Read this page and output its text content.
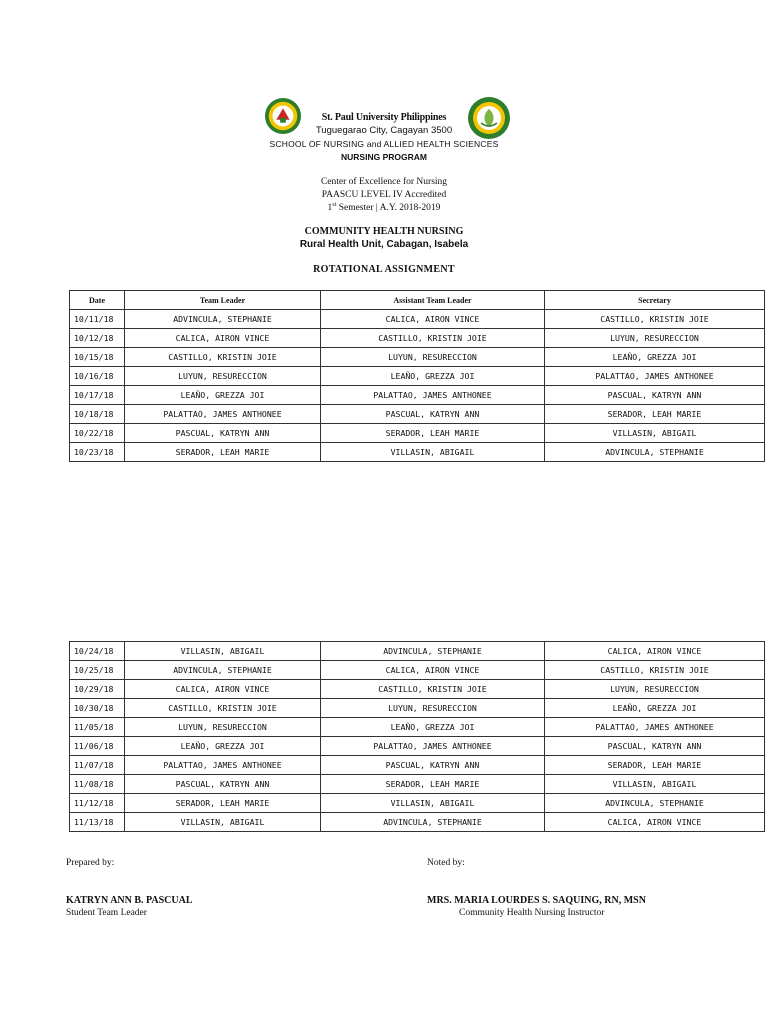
St. Paul University Philippines
Tuguegarao City, Cagayan 3500
SCHOOL OF NURSING and ALLIED HEALTH SCIENCES
NURSING PROGRAM
Center of Excellence for Nursing
PAASCU LEVEL IV Accredited
1st Semester | A.Y. 2018-2019
COMMUNITY HEALTH NURSING
Rural Health Unit, Cabagan, Isabela
ROTATIONAL ASSIGNMENT
Date	Team Leader	Assistant Team Leader	Secretary
10/11/18	ADVINCULA, STEPHANIE	CALICA, AIRON VINCE	CASTILLO, KRISTIN JOIE
10/12/18	CALICA, AIRON VINCE	CASTILLO, KRISTIN JOIE	LUYUN, RESURECCION
10/15/18	CASTILLO, KRISTIN JOIE	LUYUN, RESURECCION	LEAÑO, GREZZA JOI
10/16/18	LUYUN, RESURECCION	LEAÑO, GREZZA JOI	PALATTAO, JAMES ANTHONEE
10/17/18	LEAÑO, GREZZA JOI	PALATTAO, JAMES ANTHONEE	PASCUAL, KATRYN ANN
10/18/18	PALATTAO, JAMES ANTHONEE	PASCUAL, KATRYN ANN	SERADOR, LEAH MARIE
10/22/18	PASCUAL, KATRYN ANN	SERADOR, LEAH MARIE	VILLASIN, ABIGAIL
10/23/18	SERADOR, LEAH MARIE	VILLASIN, ABIGAIL	ADVINCULA, STEPHANIE
10/24/18	VILLASIN, ABIGAIL	ADVINCULA, STEPHANIE	CALICA, AIRON VINCE
10/25/18	ADVINCULA, STEPHANIE	CALICA, AIRON VINCE	CASTILLO, KRISTIN JOIE
10/29/18	CALICA, AIRON VINCE	CASTILLO, KRISTIN JOIE	LUYUN, RESURECCION
10/30/18	CASTILLO, KRISTIN JOIE	LUYUN, RESURECCION	LEAÑO, GREZZA JOI
11/05/18	LUYUN, RESURECCION	LEAÑO, GREZZA JOI	PALATTAO, JAMES ANTHONEE
11/06/18	LEAÑO, GREZZA JOI	PALATTAO, JAMES ANTHONEE	PASCUAL, KATRYN ANN
11/07/18	PALATTAO, JAMES ANTHONEE	PASCUAL, KATRYN ANN	SERADOR, LEAH MARIE
11/08/18	PASCUAL, KATRYN ANN	SERADOR, LEAH MARIE	VILLASIN, ABIGAIL
11/12/18	SERADOR, LEAH MARIE	VILLASIN, ABIGAIL	ADVINCULA, STEPHANIE
11/13/18	VILLASIN, ABIGAIL	ADVINCULA, STEPHANIE	CALICA, AIRON VINCE
Prepared by:
KATRYN ANN B. PASCUAL
Student Team Leader
Noted by:
MRS. MARIA LOURDES S. SAQUING, RN, MSN
Community Health Nursing Instructor
